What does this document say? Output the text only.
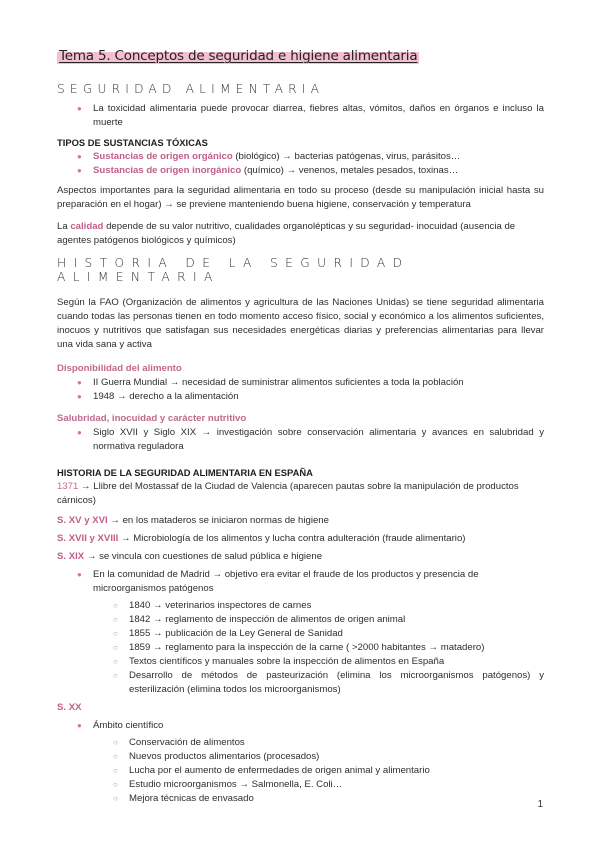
Tema 5. Conceptos de seguridad e higiene alimentaria
SEGURIDAD ALIMENTARIA
● La toxicidad alimentaria puede provocar diarrea, fiebres altas, vómitos, daños en órganos e incluso la muerte

TIPOS DE SUSTANCIAS TÓXICAS

● Sustancias de origen orgánico (biológico) → bacterias patógenas, virus, parásitos…
● Sustancias de origen inorgánico (químico) → venenos, metales pesados, toxinas…

Aspectos importantes para la seguridad alimentaria en todo su proceso (desde su manipulación inicial hasta su preparación en el hogar) → se previene manteniendo buena higiene, conservación y temperatura

La calidad depende de su valor nutritivo, cualidades organolépticas y su seguridad- inocuidad (ausencia de agentes patógenos biológicos y químicos)

HISTORIA DE LA SEGURIDAD ALIMENTARIA

Según la FAO (Organización de alimentos y agricultura de las Naciones Unidas) se tiene seguridad alimentaria cuando todas las personas tienen en todo momento acceso físico, social y económico a los alimentos suficientes, inocuos y nutritivos que satisfagan sus necesidades energéticas diarias y preferencias alimentarias para llevar una vida sana y activa

Disponibilidad del alimento

● II Guerra Mundial → necesidad de suministrar alimentos suficientes a toda la población
● 1948 → derecho a la alimentación

Salubridad, inocuidad y carácter nutritivo

● Siglo XVII y Siglo XIX → investigación sobre conservación alimentaria y avances en salubridad y normativa reguladora

HISTORIA DE LA SEGURIDAD ALIMENTARIA EN ESPAÑA

1371 → Llibre del Mostassaf de la Ciudad de Valencia (aparecen pautas sobre la manipulación de productos cárnicos)

S. XV y XVI → en los mataderos se iniciaron normas de higiene

S. XVII y XVIII → Microbiología de los alimentos y lucha contra adulteración (fraude alimentario)

S. XIX → se vincula con cuestiones de salud pública e higiene

● En la comunidad de Madrid → objetivo era evitar el fraude de los productos y presencia de microorganismos patógenos
○ 1840 → veterinarios inspectores de carnes
○ 1842 → reglamento de inspección de alimentos de origen animal
○ 1855 → publicación de la Ley General de Sanidad
○ 1859 → reglamento para la inspección de la carne ( >2000 habitantes → matadero)
○ Textos científicos y manuales sobre la inspección de alimentos en España
○ Desarrollo de métodos de pasteurización (elimina los microorganismos patógenos) y esterilización (elimina todos los microorganismos)

S. XX

● Ámbito científico
○ Conservación de alimentos
○ Nuevos productos alimentarios (procesados)
○ Lucha por el aumento de enfermedades de origen animal y alimentario
○ Estudio microorganismos → Salmonella, E. Coli…
○ Mejora técnicas de envasado
1
